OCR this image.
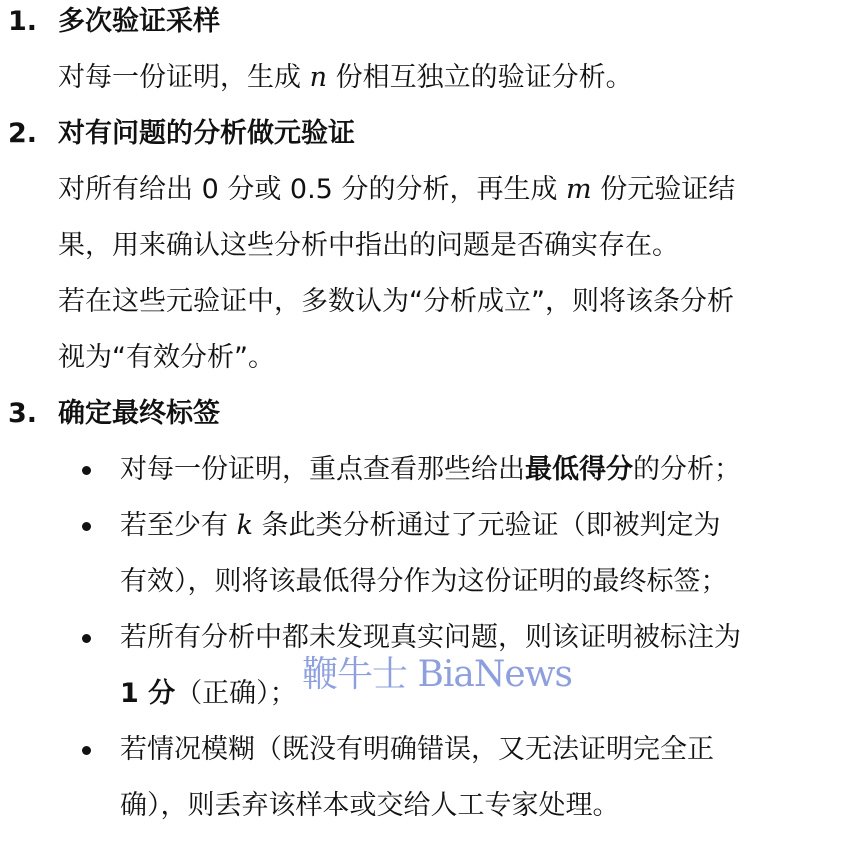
1. 多次验证采样
对每一份证明，生成 n 份相互独立的验证分析。
2. 对有问题的分析做元验证
对所有给出 0 分或 0.5 分的分析，再生成 m 份元验证结
果，用来确认这些分析中指出的问题是否确实存在。
若在这些元验证中，多数认为“分析成立”，则将该条分析
视为“有效分析”。
3. 确定最终标签
对每一份证明，重点查看那些给出最低得分的分析；
若至少有 k 条此类分析通过了元验证（即被判定为
有效），则将该最低得分作为这份证明的最终标签；
若所有分析中都未发现真实问题，则该证明被标注为
1 分（正确）；
若情况模糊（既没有明确错误，又无法证明完全正
确），则丢弃该样本或交给人工专家处理。
鞭牛士 BiaNews
